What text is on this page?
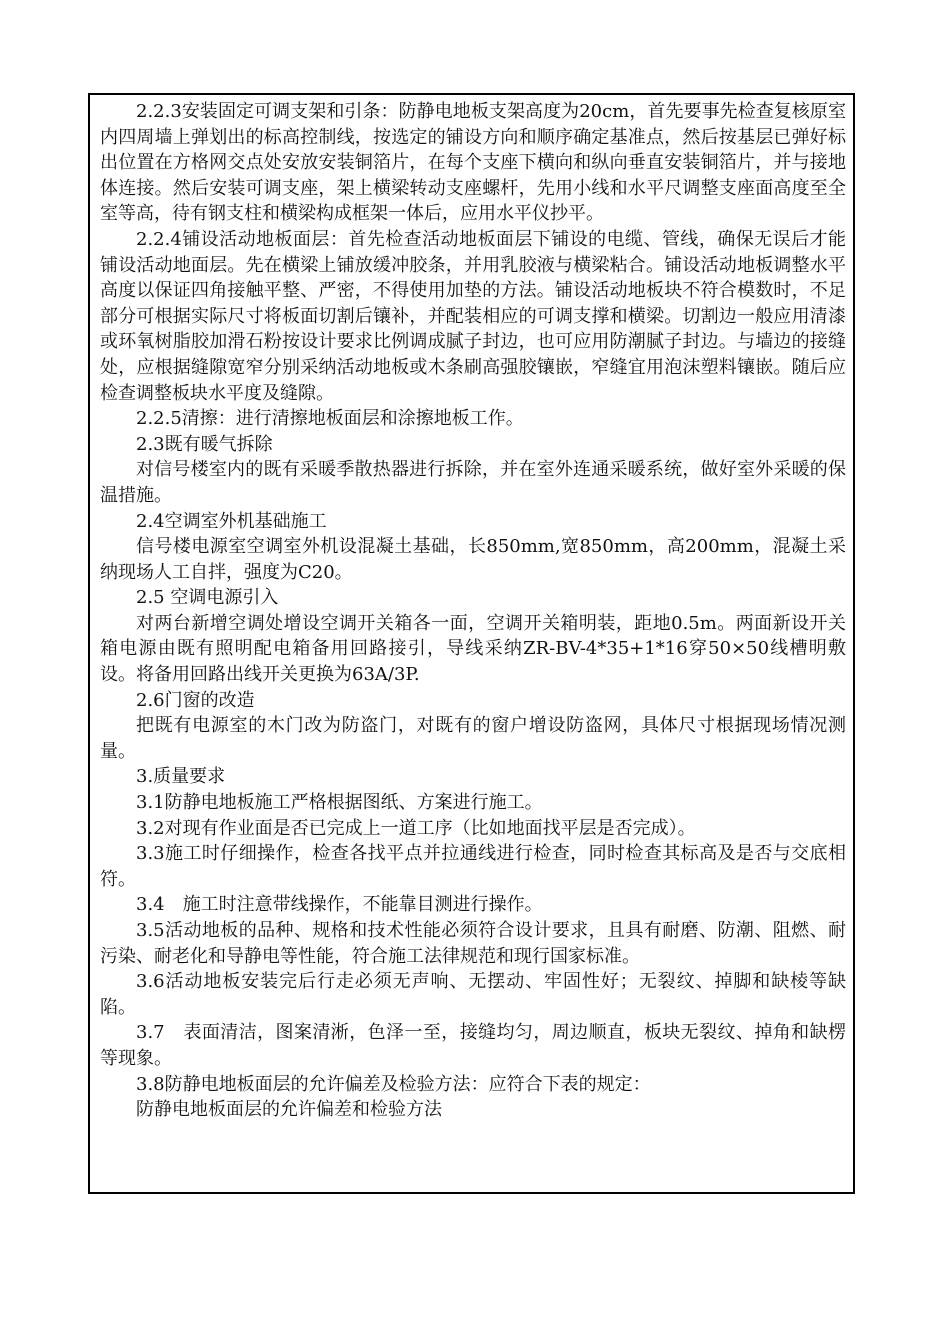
2.2.3安装固定可调支架和引条：防静电地板支架高度为20cm，首先要事先检查复核原室内四周墙上弹划出的标高控制线，按选定的铺设方向和顺序确定基准点，然后按基层已弹好标出位置在方格网交点处安放安装铜箔片，在每个支座下横向和纵向垂直安装铜箔片，并与接地体连接。然后安装可调支座，架上横梁转动支座螺杆，先用小线和水平尺调整支座面高度至全室等高，待有钢支柱和横梁构成框架一体后，应用水平仪抄平。

2.2.4铺设活动地板面层：首先检查活动地板面层下铺设的电缆、管线，确保无误后才能铺设活动地面层。先在横梁上铺放缓冲胶条，并用乳胶液与横梁粘合。铺设活动地板调整水平高度以保证四角接触平整、严密，不得使用加垫的方法。铺设活动地板块不符合模数时，不足部分可根据实际尺寸将板面切割后镶补，并配装相应的可调支撑和横梁。切割边一般应用清漆或环氧树脂胶加滑石粉按设计要求比例调成腻子封边，也可应用防潮腻子封边。与墙边的接缝处，应根据缝隙宽窄分别采纳活动地板或木条刷高强胶镶嵌，窄缝宜用泡沫塑料镶嵌。随后应检查调整板块水平度及缝隙。

2.2.5清擦：进行清擦地板面层和涂擦地板工作。

2.3既有暖气拆除

对信号楼室内的既有采暖季散热器进行拆除，并在室外连通采暖系统，做好室外采暖的保温措施。

2.4空调室外机基础施工

信号楼电源室空调室外机设混凝土基础，长850mm,宽850mm，高200mm，混凝土采纳现场人工自拌，强度为C20。

2.5 空调电源引入

对两台新增空调处增设空调开关箱各一面，空调开关箱明装，距地0.5m。两面新设开关箱电源由既有照明配电箱备用回路接引，导线采纳ZR-BV-4*35+1*16穿50×50线槽明敷设。将备用回路出线开关更换为63A/3P.

2.6门窗的改造

把既有电源室的木门改为防盗门，对既有的窗户增设防盗网，具体尺寸根据现场情况测量。

3.质量要求

3.1防静电地板施工严格根据图纸、方案进行施工。

3.2对现有作业面是否已完成上一道工序（比如地面找平层是否完成）。

3.3施工时仔细操作，检查各找平点并拉通线进行检查，同时检查其标高及是否与交底相符。

3.4　施工时注意带线操作，不能靠目测进行操作。

3.5活动地板的品种、规格和技术性能必须符合设计要求，且具有耐磨、防潮、阻燃、耐污染、耐老化和导静电等性能，符合施工法律规范和现行国家标准。

3.6活动地板安装完后行走必须无声响、无摆动、牢固性好；无裂纹、掉脚和缺棱等缺陷。

3.7　表面清洁，图案清淅，色泽一至，接缝均匀，周边顺直，板块无裂纹、掉角和缺楞等现象。

3.8防静电地板面层的允许偏差及检验方法：应符合下表的规定：

防静电地板面层的允许偏差和检验方法
